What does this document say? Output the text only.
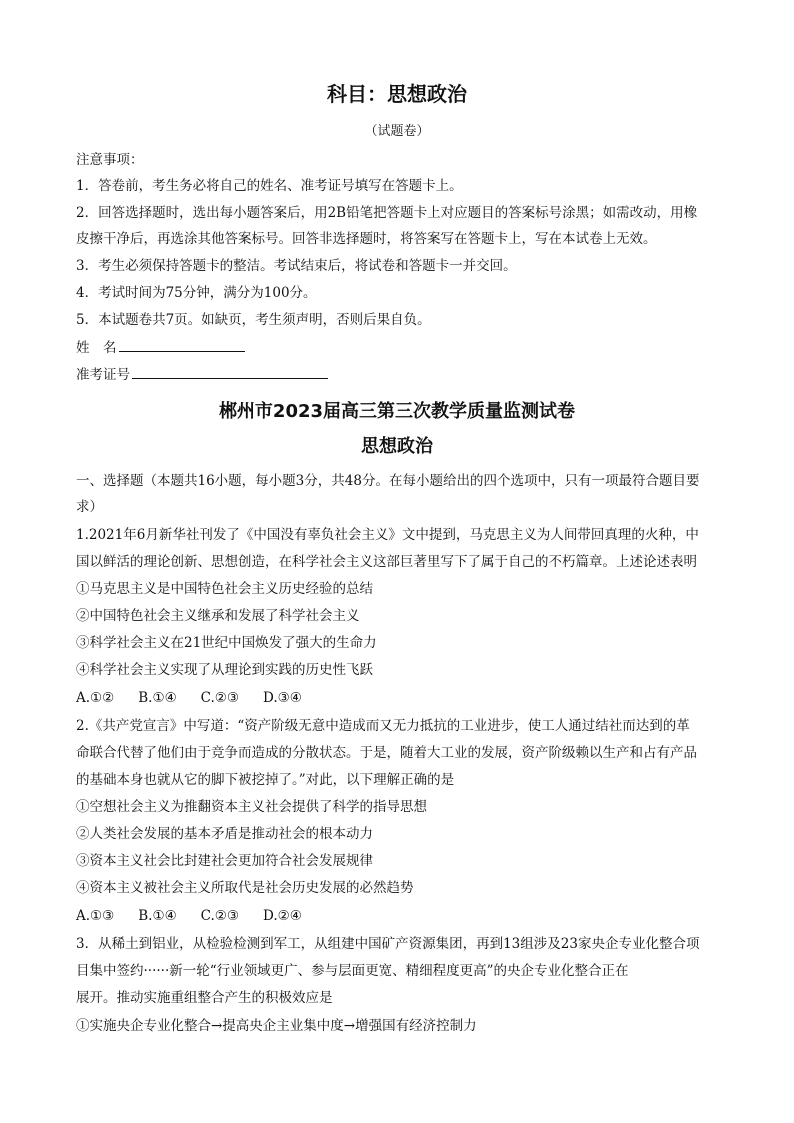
科目：思想政治
（试题卷）
注意事项：
1．答卷前，考生务必将自己的姓名、准考证号填写在答题卡上。
2．回答选择题时，选出每小题答案后，用2B铅笔把答题卡上对应题目的答案标号涂黑；如需改动，用橡
皮擦干净后，再选涂其他答案标号。回答非选择题时，将答案写在答题卡上，写在本试卷上无效。
3．考生必须保持答题卡的整洁。考试结束后，将试卷和答题卡一并交回。
4．考试时间为75分钟，满分为100分。
5．本试题卷共7页。如缺页，考生须声明，否则后果自负。
姓　名
准考证号
郴州市2023届高三第三次教学质量监测试卷
思想政治
一、选择题（本题共16小题，每小题3分，共48分。在每小题给出的四个选项中，只有一项最符合题目要
求）
1.2021年6月新华社刊发了《中国没有辜负社会主义》文中提到，马克思主义为人间带回真理的火种，中
国以鲜活的理论创新、思想创造，在科学社会主义这部巨著里写下了属于自己的不朽篇章。上述论述表明
①马克思主义是中国特色社会主义历史经验的总结
②中国特色社会主义继承和发展了科学社会主义
③科学社会主义在21世纪中国焕发了强大的生命力
④科学社会主义实现了从理论到实践的历史性飞跃
A.①② B.①④ C.②③ D.③④
2.《共产党宣言》中写道：“资产阶级无意中造成而又无力抵抗的工业进步，使工人通过结社而达到的革
命联合代替了他们由于竞争而造成的分散状态。于是，随着大工业的发展，资产阶级赖以生产和占有产品
的基础本身也就从它的脚下被挖掉了。”对此，以下理解正确的是
①空想社会主义为推翻资本主义社会提供了科学的指导思想
②人类社会发展的基本矛盾是推动社会的根本动力
③资本主义社会比封建社会更加符合社会发展规律
④资本主义被社会主义所取代是社会历史发展的必然趋势
A.①③ B.①④ C.②③ D.②④
3．从稀土到铝业，从检验检测到军工，从组建中国矿产资源集团，再到13组涉及23家央企专业化整合项
目集中签约······新一轮“行业领域更广、参与层面更宽、精细程度更高”的央企专业化整合正在
展开。推动实施重组整合产生的积极效应是
①实施央企专业化整合→提高央企主业集中度→增强国有经济控制力
